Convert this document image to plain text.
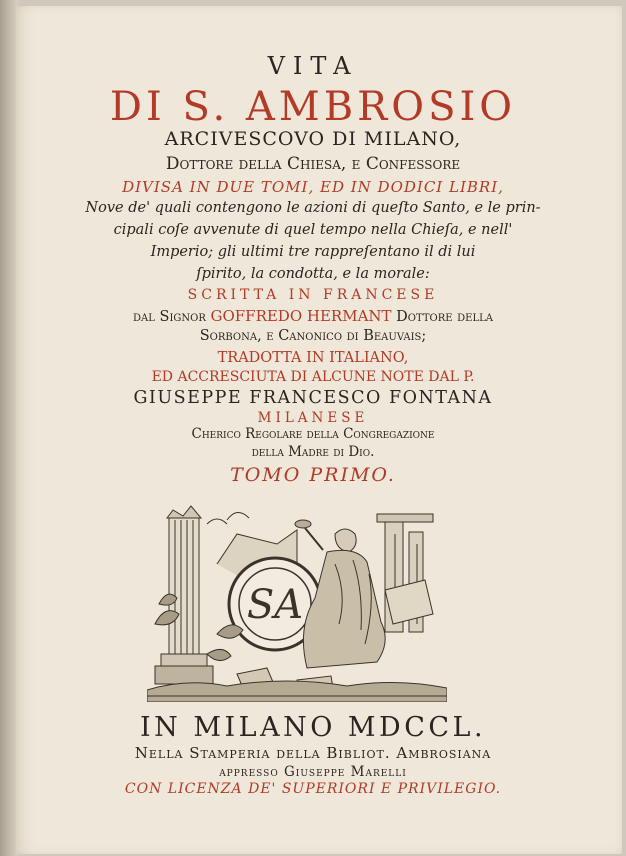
VITA
DI S. AMBROSIO
ARCIVESCOVO DI MILANO,
Dottore della Chiesa, e Confessore
DIVISA IN DUE TOMI, ED IN DODICI LIBRI,
Nove de' quali contengono le azioni di queſto Santo, e le prin-
cipali coſe avvenute di quel tempo nella Chieſa, e nell'
Imperio; gli ultimi tre rappreſentano il di lui
ſpirito, la condotta, e la morale:
SCRITTA IN FRANCESE
dal Signor GOFFREDO HERMANT Dottore della
Sorbona, e Canonico di Beauvais;
TRADOTTA IN ITALIANO,
ED ACCRESCIUTA DI ALCUNE NOTE DAL P.
GIUSEPPE FRANCESCO FONTANA
MILANESE
Cherico Regolare della Congregazione
della Madre di Dio.
TOMO PRIMO.
SA
IN MILANO MDCCL.
Nella Stamperia della Bibliot. Ambrosiana
appresso Giuseppe Marelli
CON LICENZA DE' SUPERIORI E PRIVILEGIO.
